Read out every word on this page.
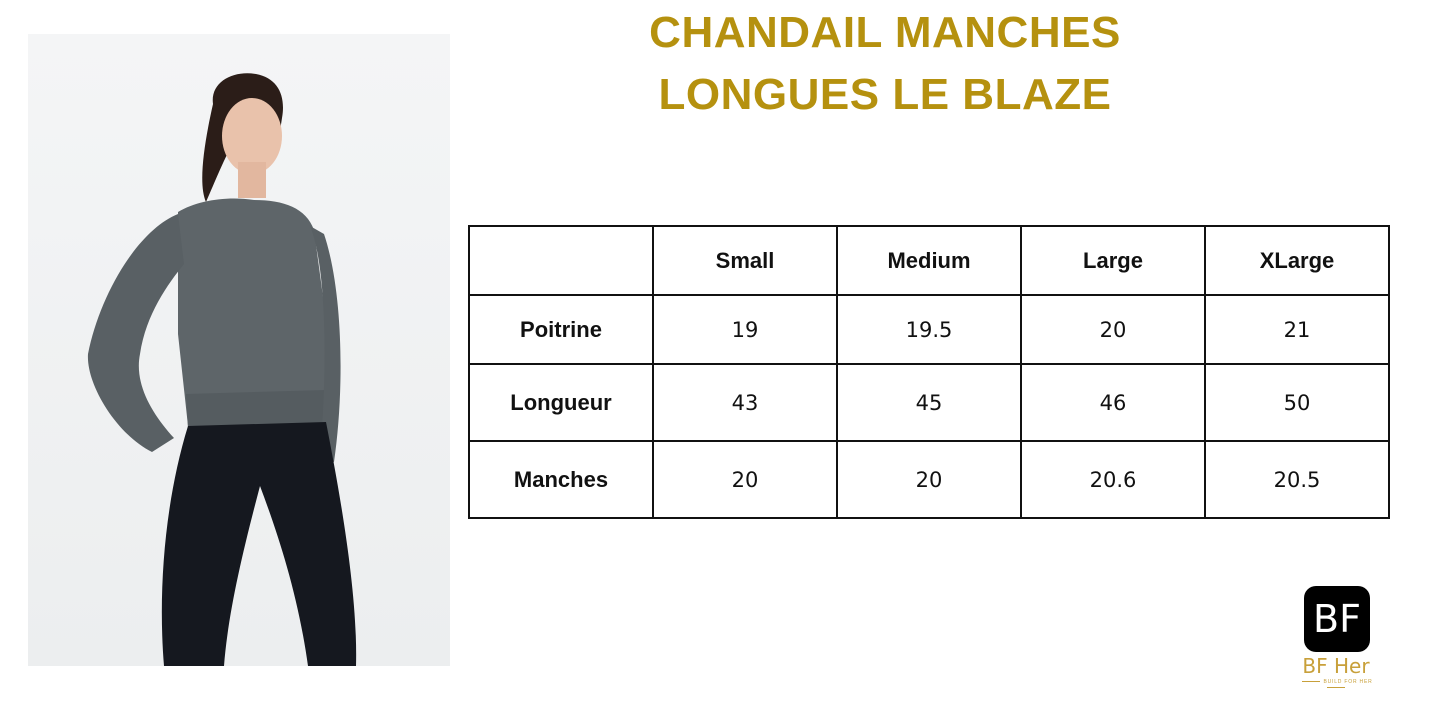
CHANDAIL MANCHES
LONGUES LE BLAZE
	Small	Medium	Large	XLarge
Poitrine	19	19.5	20	21
Longueur	43	45	46	50
Manches	20	20	20.6	20.5
BF
BF Her
BUILD FOR HER
